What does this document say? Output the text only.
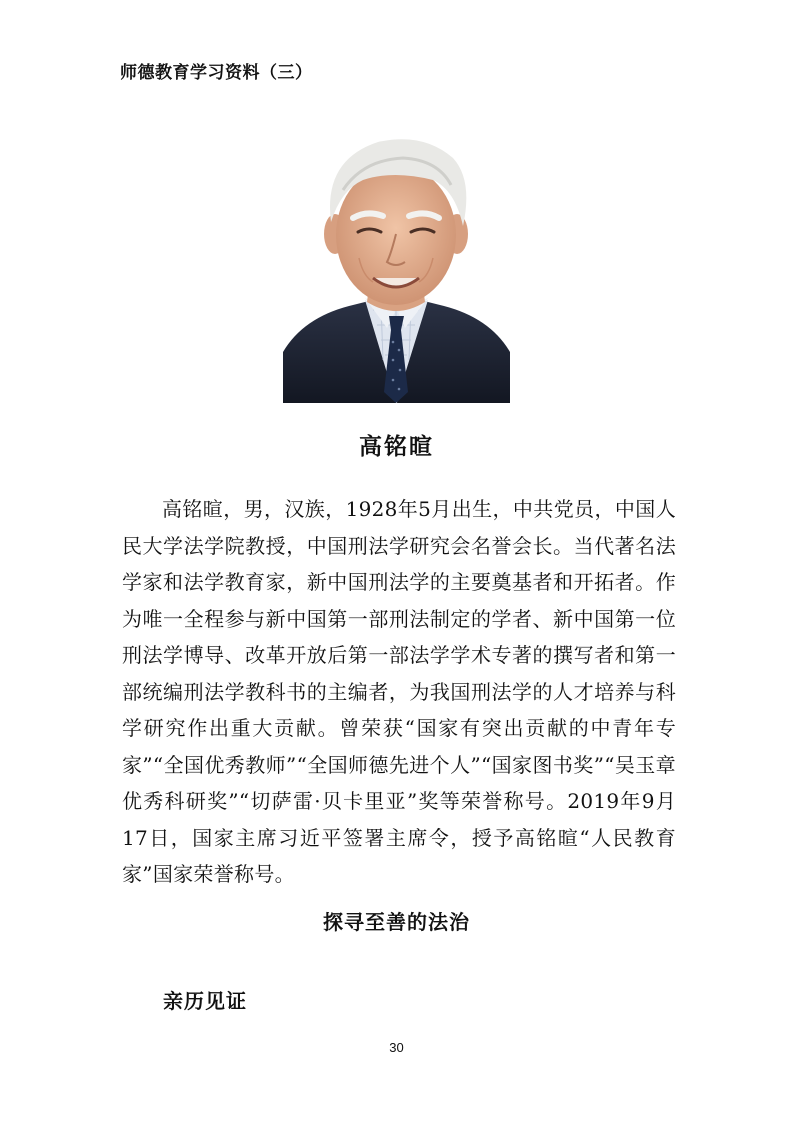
师德教育学习资料（三）
高铭暄

高铭暄，男，汉族，1928年5月出生，中共党员，中国人民大学法学院教授，中国刑法学研究会名誉会长。当代著名法学家和法学教育家，新中国刑法学的主要奠基者和开拓者。作为唯一全程参与新中国第一部刑法制定的学者、新中国第一位刑法学博导、改革开放后第一部法学学术专著的撰写者和第一部统编刑法学教科书的主编者，为我国刑法学的人才培养与科学研究作出重大贡献。曾荣获“国家有突出贡献的中青年专家”“全国优秀教师”“全国师德先进个人”“国家图书奖”“吴玉章优秀科研奖”“切萨雷·贝卡里亚”奖等荣誉称号。2019年9月17日，国家主席习近平签署主席令，授予高铭暄“人民教育家”国家荣誉称号。

探寻至善的法治
亲历见证
30
